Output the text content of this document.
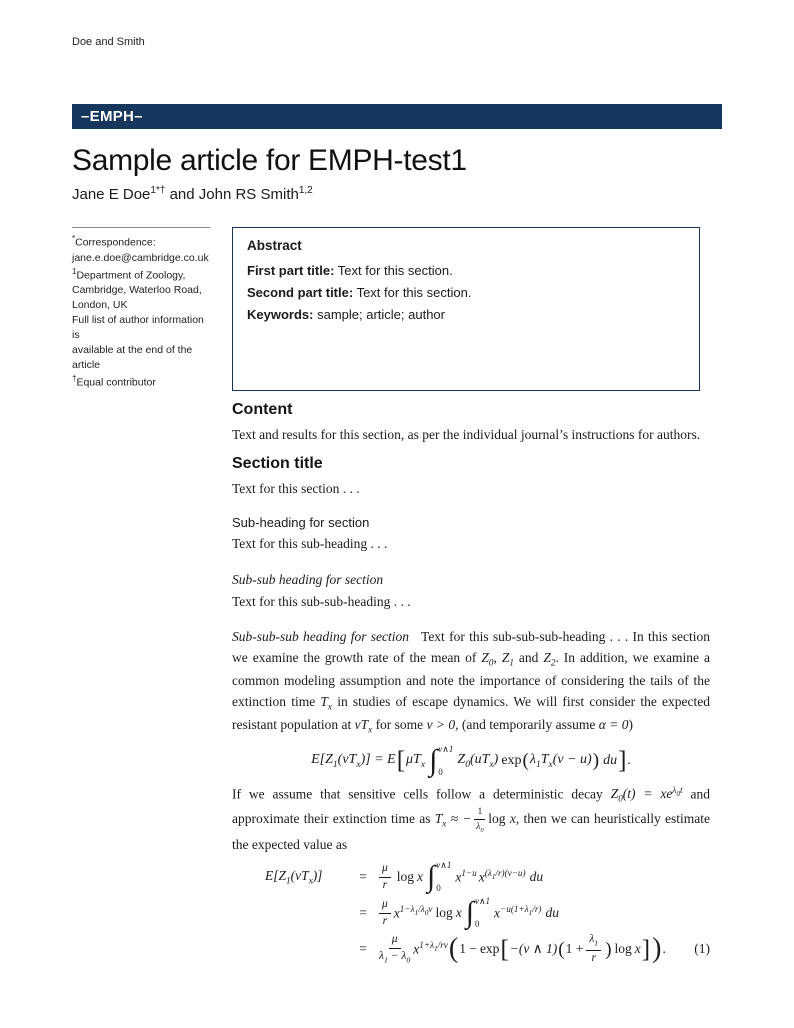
Doe and Smith
–EMPH–
Sample article for EMPH-test1
Jane E Doe$^{1*\dagger}$ and John RS Smith$^{1,2}$
*Correspondence:
jane.e.doe@cambridge.co.uk
$^1$Department of Zoology,
Cambridge, Waterloo Road,
London, UK
Full list of author information is
available at the end of the article
†Equal contributor
Abstract
First part title: Text for this section.
Second part title: Text for this section.
Keywords: sample; article; author
Content

Text and results for this section, as per the individual journal’s instructions for authors.

Section title

Text for this section . . .

Sub-heading for section

Text for this sub-heading . . .

Sub-sub heading for section

Text for this sub-sub-heading . . .

Sub-sub-sub heading for section Text for this sub-sub-sub-heading . . . In this section we examine the growth rate of the mean of $Z_0$, $Z_1$ and $Z_2$. In addition, we examine a common modeling assumption and note the importance of considering the tails of the extinction time $T_x$ in studies of escape dynamics. We will first consider the expected resistant population at $vT_x$ for some v > 0, (and temporarily assume α = 0)

$E[Z_1(vT_x)] = E$ [ $\mu T_x$ ∫ v∧1
0
$Z_0(uT_x)$ exp ( $\lambda_1T_x(v - u)$ ) du ] .

If we assume that sensitive cells follow a deterministic decay $Z_0(t) = xe^{\lambda_0t}$ and approximate their extinction time as $T_x$ ≈ − $\frac{1}{\lambda_0}$ log x, then we can heuristically estimate the expected value as

$E[Z_1(vT_x)]$	=	$\frac{\mu}{r}$ log x ∫ v∧1
0
$x^{1-u}$ $x^{(\lambda_1/r)(v-u)}$ du
=	$\frac{\mu}{r} x^{1-\lambda_1/\lambda_0v}$ log x ∫ v∧1
0
$x^{-u(1+\lambda_1/r)}$ du
=	$\frac{\mu}{\lambda_1 - \lambda_0} x^{1+\lambda_1/rv}$ ( 1 − exp [ −(v ∧ 1) ( $1 + \frac{\lambda_1}{r}$ ) log x ] ) . (1)
